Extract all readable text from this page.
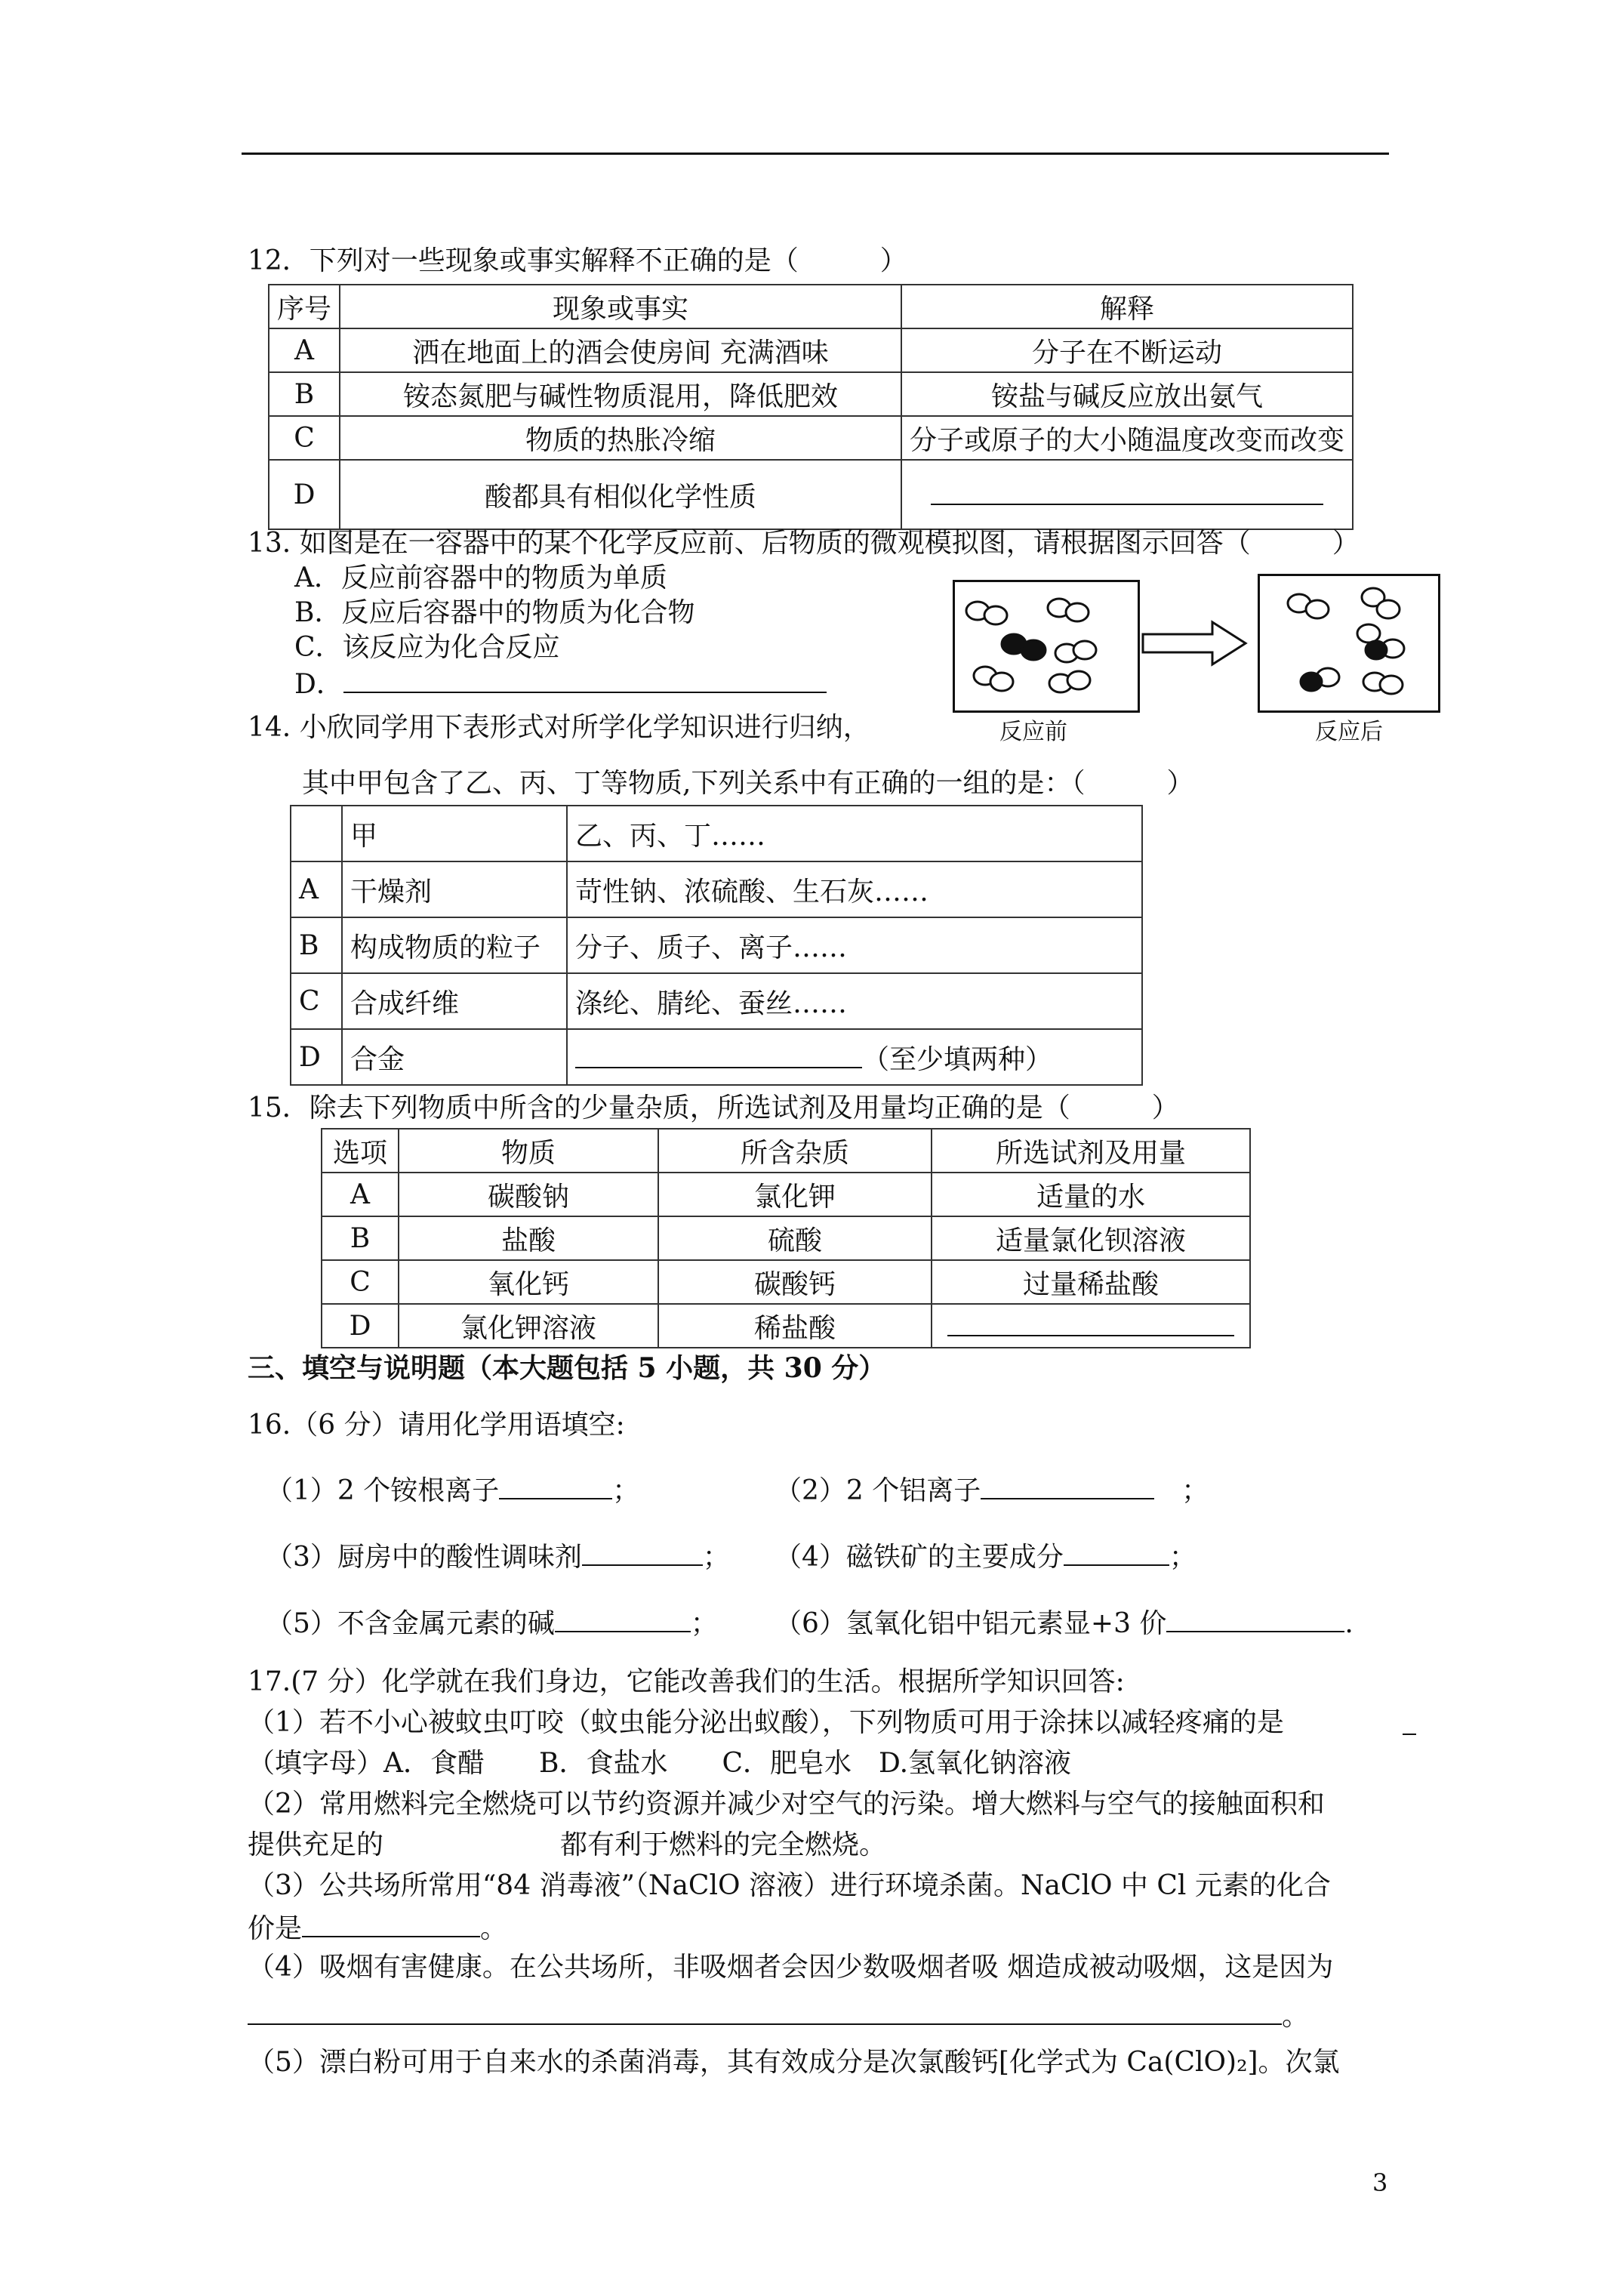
12．下列对一些现象或事实解释不正确的是（　　　）
序号	现象或事实	解释
A	洒在地面上的酒会使房间 充满酒味	分子在不断运动
B	铵态氮肥与碱性物质混用，降低肥效	铵盐与碱反应放出氨气
C	物质的热胀冷缩	分子或原子的大小随温度改变而改变
D	酸都具有相似化学性质	
13. 如图是在一容器中的某个化学反应前、后物质的微观模拟图，请根据图示回答（　　　）
A．反应前容器中的物质为单质
B．反应后容器中的物质为化合物
C．该反应为化合反应
D．
反应前	反应后
14. 小欣同学用下表形式对所学化学知识进行归纳，
其中甲包含了乙、丙、丁等物质,下列关系中有正确的一组的是：（　　　）
	甲	乙、丙、丁……
A	干燥剂	苛性钠、浓硫酸、生石灰……
B	构成物质的粒子	分子、质子、离子……
C	合成纤维	涤纶、腈纶、蚕丝……
D	合金	（至少填两种）
15．除去下列物质中所含的少量杂质，所选试剂及用量均正确的是（　　　）
选项	物质	所含杂质	所选试剂及用量
A	碳酸钠	氯化钾	适量的水
B	盐酸	硫酸	适量氯化钡溶液
C	氧化钙	碳酸钙	过量稀盐酸
D	氯化钾溶液	稀盐酸	
三、填空与说明题（本大题包括 5 小题，共 30 分）
16.（6 分）请用化学用语填空:
（1）2 个铵根离子	；	（2）2 个铝离子	　；
（3）厨房中的酸性调味剂	； （4）磁铁矿的主要成分	；
（5）不含金属元素的碱	； （6）氢氧化铝中铝元素显+3 价	.
17.(7 分）化学就在我们身边，它能改善我们的生活。根据所学知识回答:
（1）若不小心被蚊虫叮咬（蚊虫能分泌出蚁酸），下列物质可用于涂抹以减轻疼痛的是
（填字母）A．食醋　　B．食盐水　　C．肥皂水　D.氢氧化钠溶液
（2）常用燃料完全燃烧可以节约资源并减少对空气的污染。增大燃料与空气的接触面积和
提供充足的	都有利于燃料的完全燃烧。
（3）公共场所常用“84 消毒液”（NaClO 溶液）进行环境杀菌。NaClO 中 Cl 元素的化合
价是	。
（4）吸烟有害健康。在公共场所，非吸烟者会因少数吸烟者吸 烟造成被动吸烟，这是因为
。
（5）漂白粉可用于自来水的杀菌消毒，其有效成分是次氯酸钙[化学式为 Ca(ClO)₂]。次氯
3
